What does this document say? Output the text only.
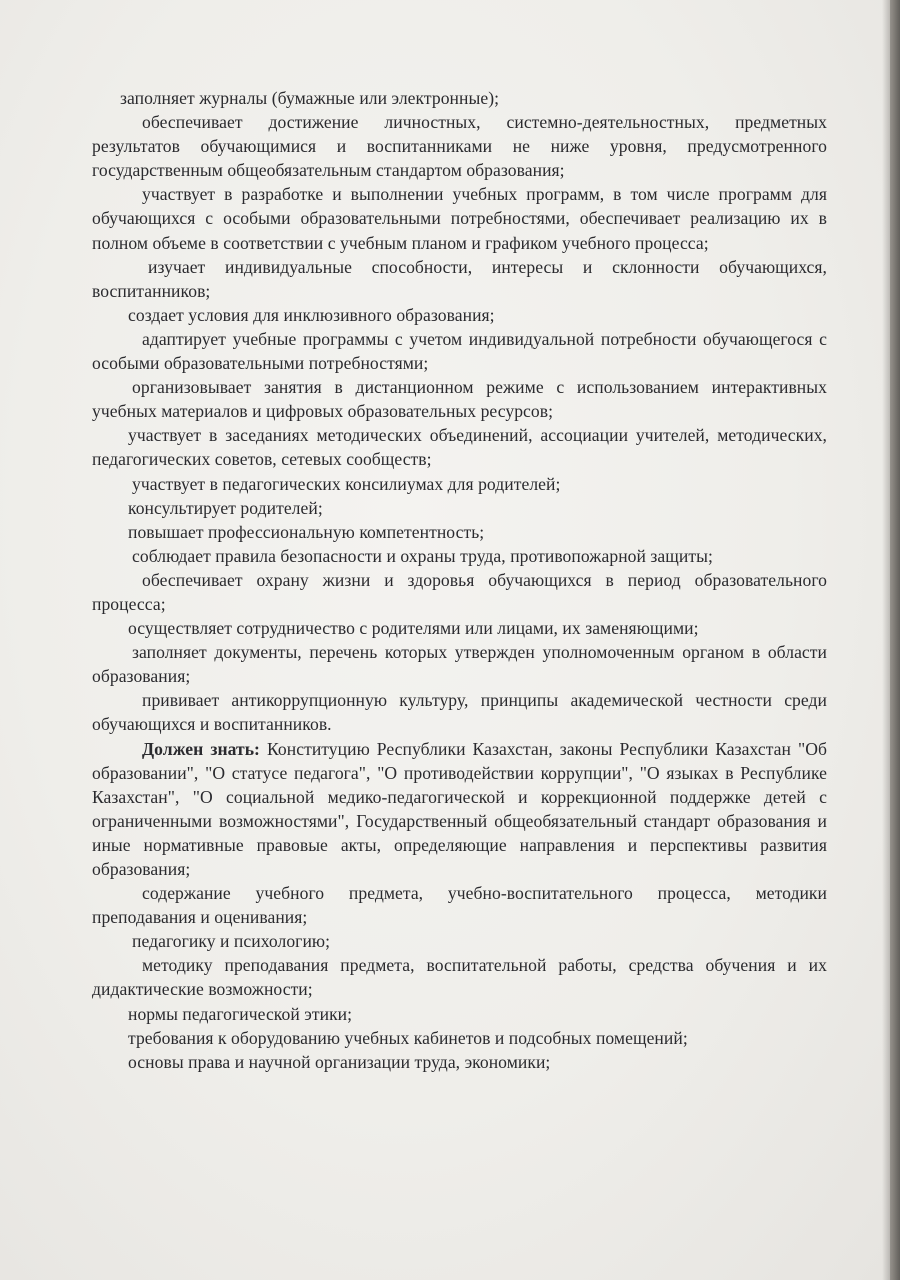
заполняет журналы (бумажные или электронные);

обеспечивает достижение личностных, системно-деятельностных, предметных результатов обучающимися и воспитанниками не ниже уровня, предусмотренного государственным общеобязательным стандартом образования;

участвует в разработке и выполнении учебных программ, в том числе программ для обучающихся с особыми образовательными потребностями, обеспечивает реализацию их в полном объеме в соответствии с учебным планом и графиком учебного процесса;

изучает индивидуальные способности, интересы и склонности обучающихся, воспитанников;

создает условия для инклюзивного образования;

адаптирует учебные программы с учетом индивидуальной потребности обучающегося с особыми образовательными потребностями;

организовывает занятия в дистанционном режиме с использованием интерактивных учебных материалов и цифровых образовательных ресурсов;

участвует в заседаниях методических объединений, ассоциации учителей, методических, педагогических советов, сетевых сообществ;

участвует в педагогических консилиумах для родителей;

консультирует родителей;

повышает профессиональную компетентность;

соблюдает правила безопасности и охраны труда, противопожарной защиты;

обеспечивает охрану жизни и здоровья обучающихся в период образовательного процесса;

осуществляет сотрудничество с родителями или лицами, их заменяющими;

заполняет документы, перечень которых утвержден уполномоченным органом в области образования;

прививает антикоррупционную культуру, принципы академической честности среди обучающихся и воспитанников.

Должен знать: Конституцию Республики Казахстан, законы Республики Казахстан "Об образовании", "О статусе педагога", "О противодействии коррупции", "О языках в Республике Казахстан", "О социальной медико-педагогической и коррекционной поддержке детей с ограниченными возможностями", Государственный общеобязательный стандарт образования и иные нормативные правовые акты, определяющие направления и перспективы развития образования;

содержание учебного предмета, учебно-воспитательного процесса, методики преподавания и оценивания;

педагогику и психологию;

методику преподавания предмета, воспитательной работы, средства обучения и их дидактические возможности;

нормы педагогической этики;

требования к оборудованию учебных кабинетов и подсобных помещений;

основы права и научной организации труда, экономики;
